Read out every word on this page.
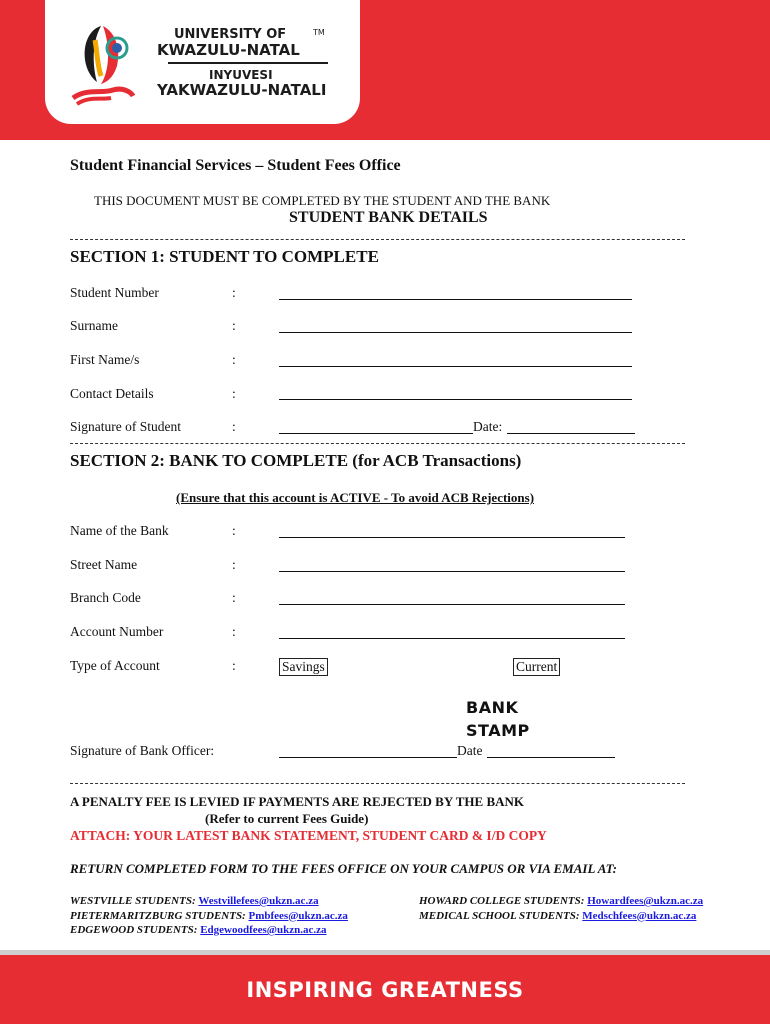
UNIVERSITY OF	TM
KWAZULU-NATAL
INYUVESI
YAKWAZULU-NATALI
Student Financial Services – Student Fees Office
THIS DOCUMENT MUST BE COMPLETED BY THE STUDENT AND THE BANK
STUDENT BANK DETAILS
SECTION 1: STUDENT TO COMPLETE
Student Number	:
Surname	:
First Name/s	:
Contact Details	:
Signature of Student	:	Date:
SECTION 2: BANK TO COMPLETE (for ACB Transactions)
(Ensure that this account is ACTIVE - To avoid ACB Rejections)
Name of the Bank	:
Street Name	:
Branch Code	:
Account Number	:
Type of Account	:	Savings	Current
BANK
STAMP
Signature of Bank Officer:	Date
A PENALTY FEE IS LEVIED IF PAYMENTS ARE REJECTED BY THE BANK
(Refer to current Fees Guide)
ATTACH: YOUR LATEST BANK STATEMENT, STUDENT CARD & I/D COPY
RETURN COMPLETED FORM TO THE FEES OFFICE ON YOUR CAMPUS OR VIA EMAIL AT:
WESTVILLE STUDENTS: Westvillefees@ukzn.ac.za
PIETERMARITZBURG STUDENTS: Pmbfees@ukzn.ac.za
EDGEWOOD STUDENTS: Edgewoodfees@ukzn.ac.za
HOWARD COLLEGE STUDENTS: Howardfees@ukzn.ac.za
MEDICAL SCHOOL STUDENTS: Medschfees@ukzn.ac.za
INSPIRING GREATNESS
